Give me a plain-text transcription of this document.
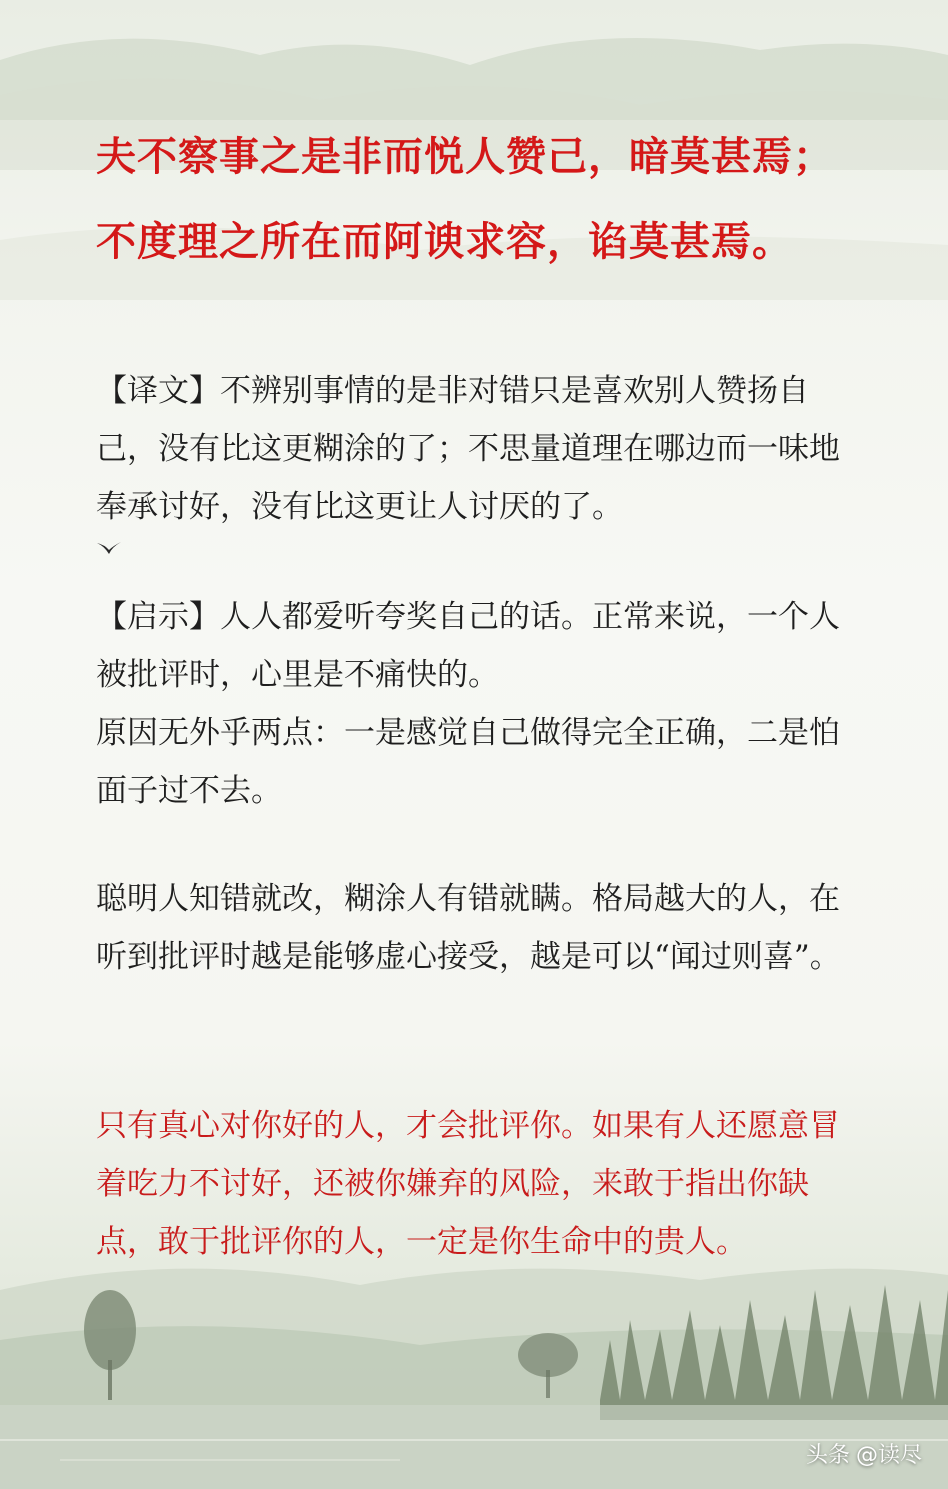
夫不察事之是非而悦人赞己，暗莫甚焉；

不度理之所在而阿谀求容，谄莫甚焉。

【译文】不辨别事情的是非对错只是喜欢别人赞扬自己，没有比这更糊涂的了；不思量道理在哪边而一味地奉承讨好，没有比这更让人讨厌的了。

【启示】人人都爱听夸奖自己的话。正常来说，一个人被批评时，心里是不痛快的。

原因无外乎两点：一是感觉自己做得完全正确，二是怕面子过不去。

聪明人知错就改，糊涂人有错就瞒。格局越大的人，在听到批评时越是能够虚心接受，越是可以“闻过则喜”。

只有真心对你好的人，才会批评你。如果有人还愿意冒着吃力不讨好，还被你嫌弃的风险，来敢于指出你缺点，敢于批评你的人，一定是你生命中的贵人。

头条 @读尽
